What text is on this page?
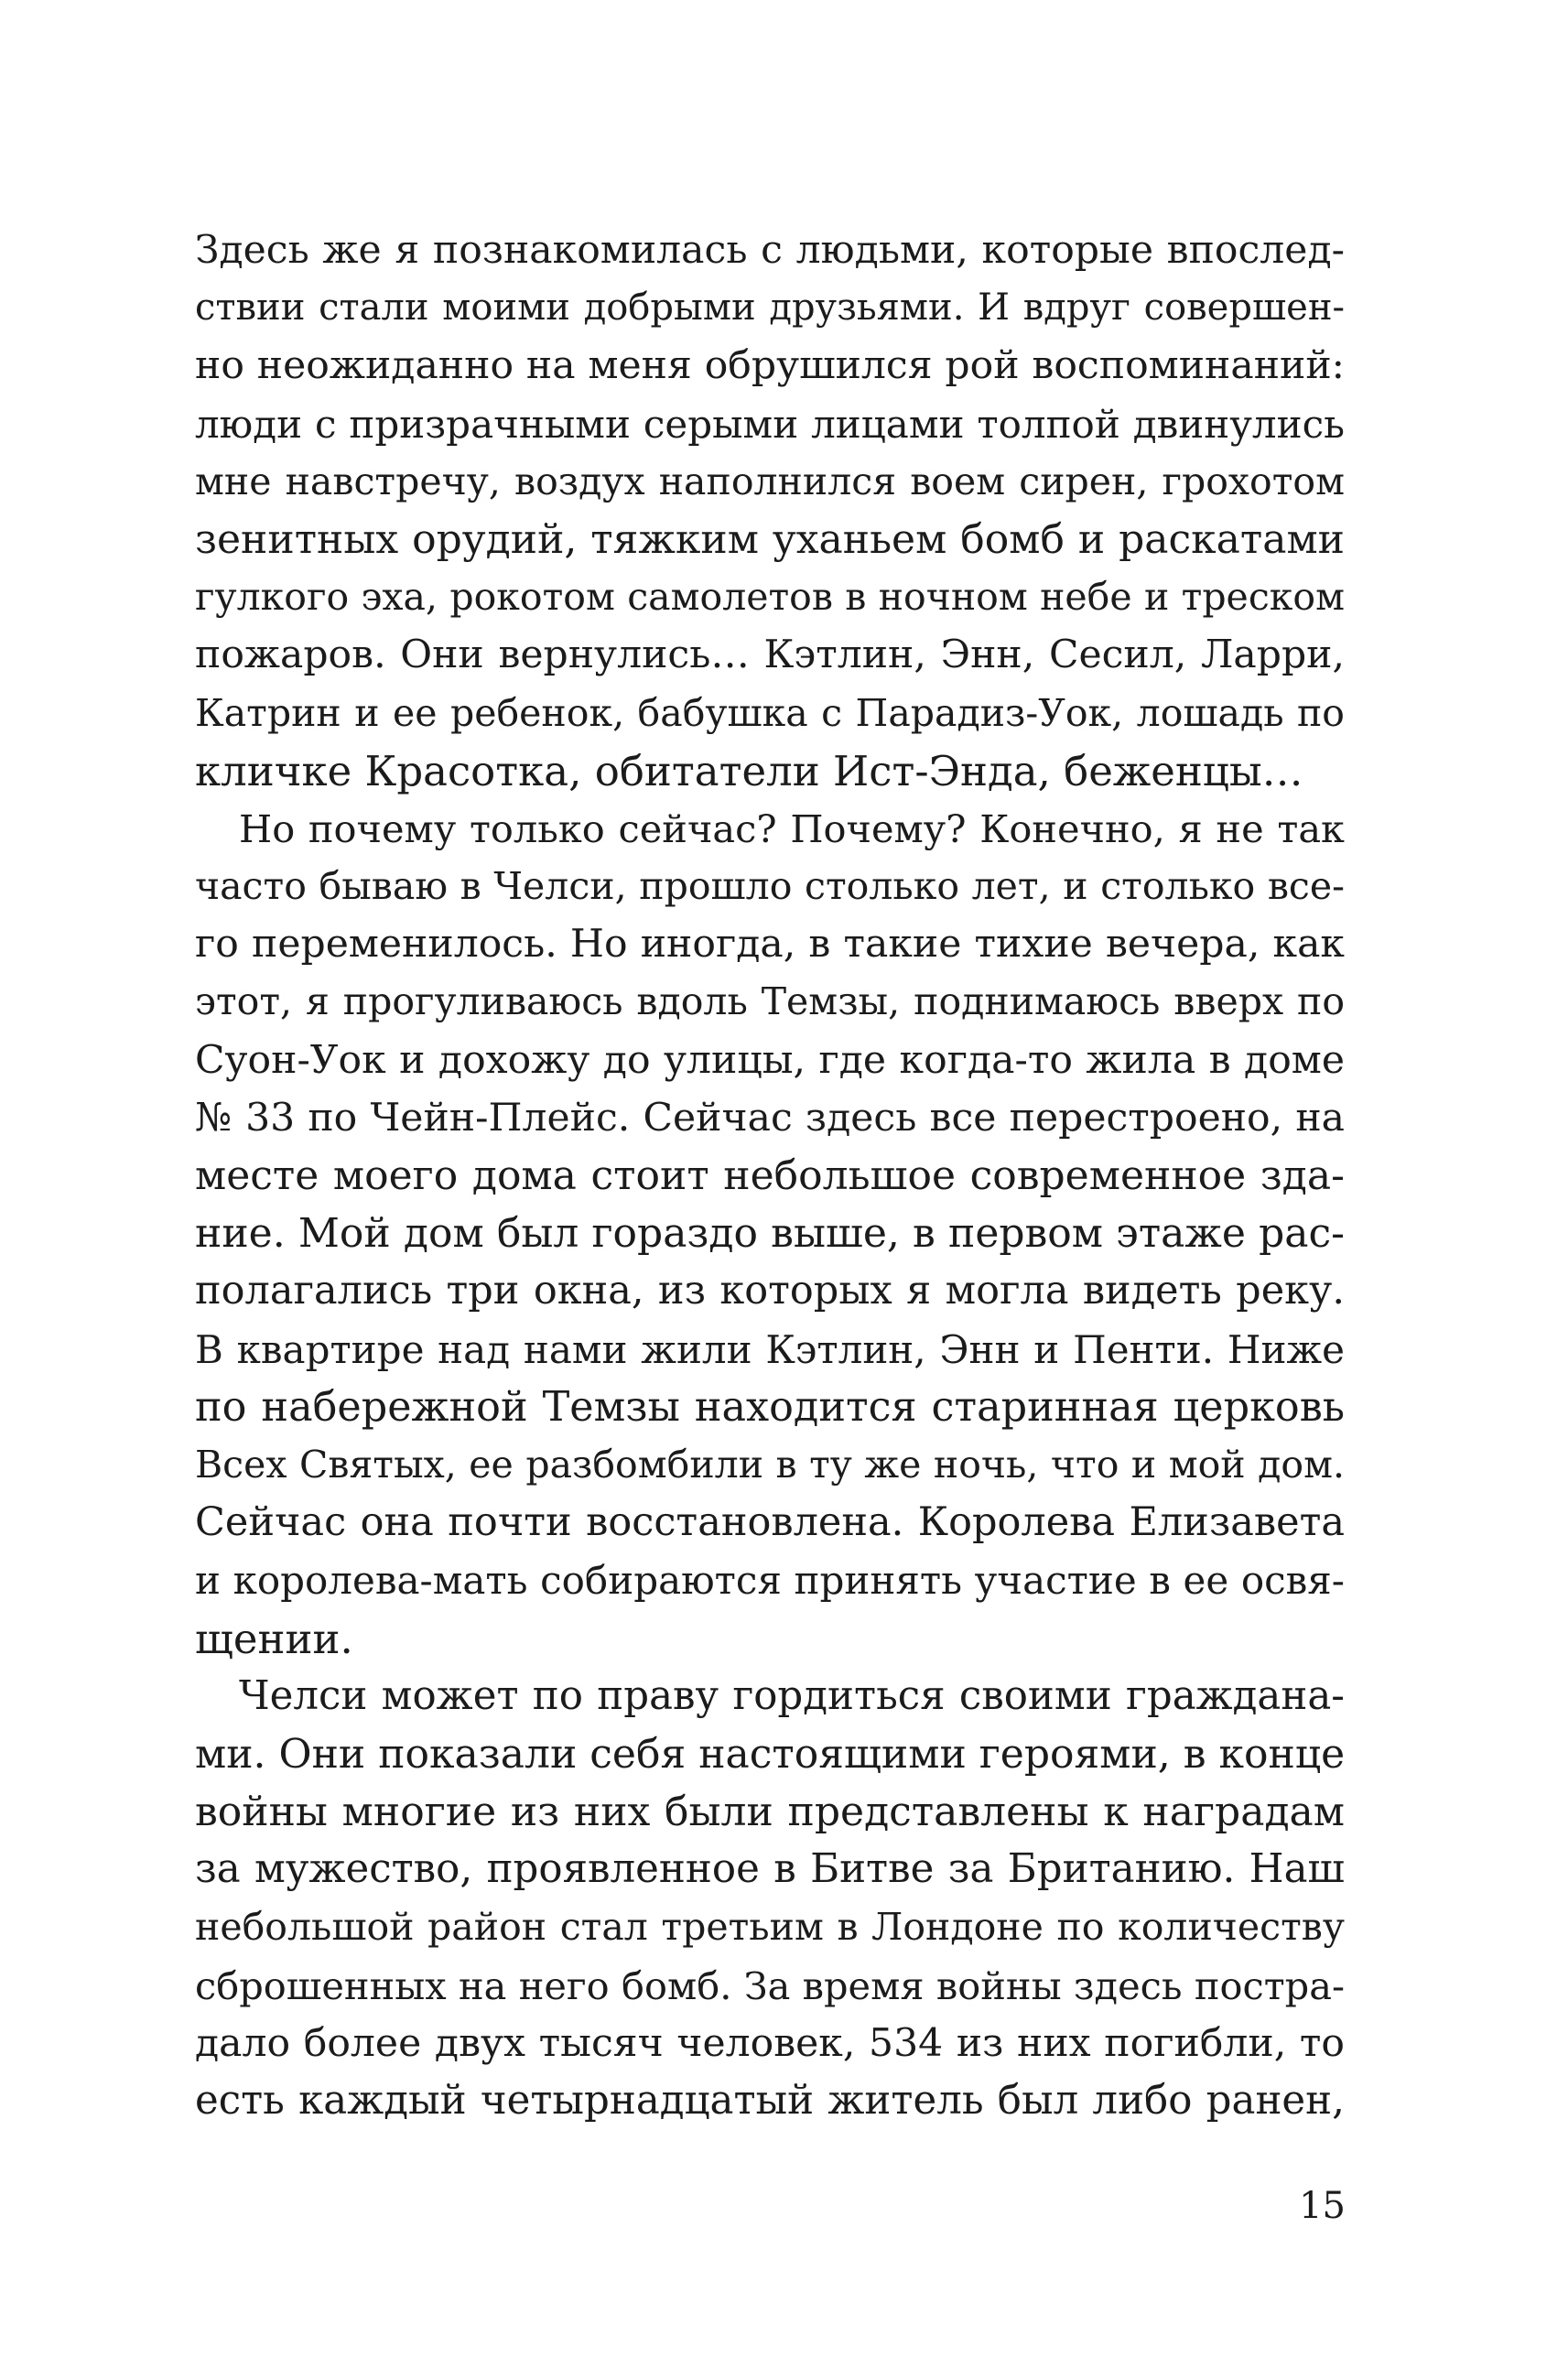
Здесь же я познакомилась с людьми, которые впослед-
ствии стали моими добрыми друзьями. И вдруг совершен-
но неожиданно на меня обрушился рой воспоминаний:
люди с призрачными серыми лицами толпой двинулись
мне навстречу, воздух наполнился воем сирен, грохотом
зенитных орудий, тяжким уханьем бомб и раскатами
гулкого эха, рокотом самолетов в ночном небе и треском
пожаров. Они вернулись… Кэтлин, Энн, Сесил, Ларри,
Катрин и ее ребенок, бабушка с Парадиз-Уок, лошадь по
кличке Красотка, обитатели Ист-Энда, беженцы…
Но почему только сейчас? Почему? Конечно, я не так
часто бываю в Челси, прошло столько лет, и столько все-
го переменилось. Но иногда, в такие тихие вечера, как
этот, я прогуливаюсь вдоль Темзы, поднимаюсь вверх по
Суон-Уок и дохожу до улицы, где когда-то жила в доме
№ 33 по Чейн-Плейс. Сейчас здесь все перестроено, на
месте моего дома стоит небольшое современное зда-
ние. Мой дом был гораздо выше, в первом этаже рас-
полагались три окна, из которых я могла видеть реку.
В квартире над нами жили Кэтлин, Энн и Пенти. Ниже
по набережной Темзы находится старинная церковь
Всех Святых, ее разбомбили в ту же ночь, что и мой дом.
Сейчас она почти восстановлена. Королева Елизавета
и королева-мать собираются принять участие в ее освя-
щении.
Челси может по праву гордиться своими граждана-
ми. Они показали себя настоящими героями, в конце
войны многие из них были представлены к наградам
за мужество, проявленное в Битве за Британию. Наш
небольшой район стал третьим в Лондоне по количеству
сброшенных на него бомб. За время войны здесь постра-
дало более двух тысяч человек, 534 из них погибли, то
есть каждый четырнадцатый житель был либо ранен,
15
